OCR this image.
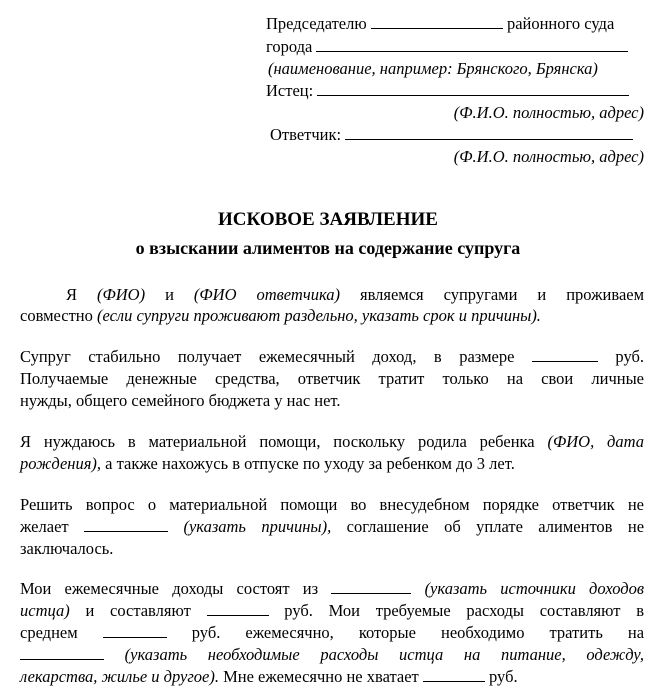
Председателю	районного суда
города
(наименование, например: Брянского, Брянска)
Истец:
(Ф.И.О. полностью, адрес)
Ответчик:
(Ф.И.О. полностью, адрес)
ИСКОВОЕ ЗАЯВЛЕНИЕ
о взыскании алиментов на содержание супруга
Я (ФИО) и (ФИО ответчика) являемся супругами и проживаем
совместно (если супруги проживают раздельно, указать срок и причины).
Супруг стабильно получает ежемесячный доход, в размере	руб.
Получаемые денежные средства, ответчик тратит только на свои личные
нужды, общего семейного бюджета у нас нет.
Я нуждаюсь в материальной помощи, поскольку родила ребенка (ФИО, дата
рождения), а также нахожусь в отпуске по уходу за ребенком до 3 лет.
Решить вопрос о материальной помощи во внесудебном порядке ответчик не
желает	(указать причины), соглашение об уплате алиментов не
заключалось.
Мои ежемесячные доходы состоят из	(указать источники доходов
истца) и составляют	руб. Мои требуемые расходы составляют в
среднем	руб. ежемесячно, которые необходимо тратить на
(указать необходимые расходы истца на питание, одежду,
лекарства, жилье и другое). Мне ежемесячно не хватает	руб.
